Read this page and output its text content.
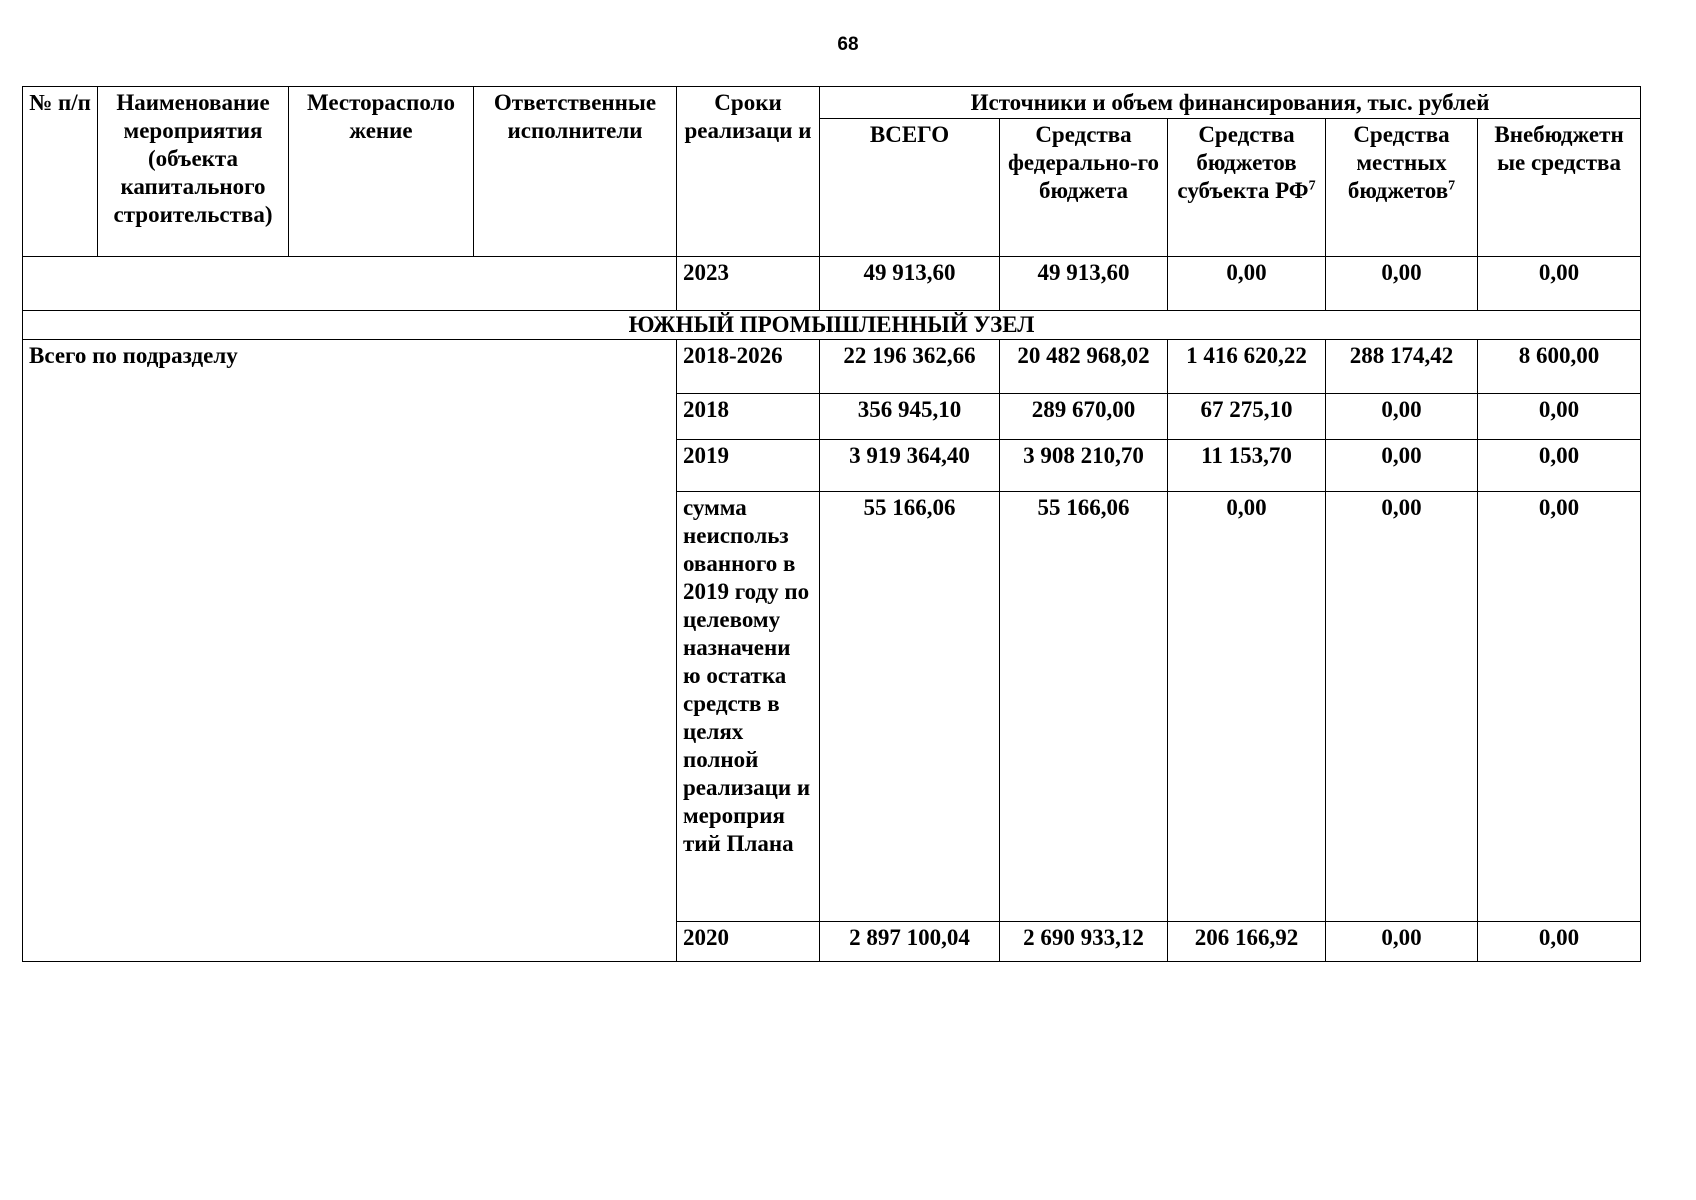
68
№ п/п	Наименование мероприятия (объекта капитального строительства)	Месторасполо жение	Ответственные исполнители	Сроки реализаци и	Источники и объем финансирования, тыс. рублей				
					ВСЕГО	Средства федерально-го бюджета	Средства бюджетов субъекта $РФ^7$	Средства местных бюджетов$^7$	Внебюджетн ые средства
				2023	49 913,60	49 913,60	0,00	0,00	0,00
ЮЖНЫЙ ПРОМЫШЛЕННЫЙ УЗЕЛ									
Всего по подразделу				2018-2026	22 196 362,66	20 482 968,02	1 416 620,22	288 174,42	8 600,00
				2018	356 945,10	289 670,00	67 275,10	0,00	0,00
				2019	3 919 364,40	3 908 210,70	11 153,70	0,00	0,00
				сумма неиспольз ованного в 2019 году по целевому назначени ю остатка средств в целях полной реализаци и мероприя тий Плана	55 166,06	55 166,06	0,00	0,00	0,00
				2020	2 897 100,04	2 690 933,12	206 166,92	0,00	0,00
